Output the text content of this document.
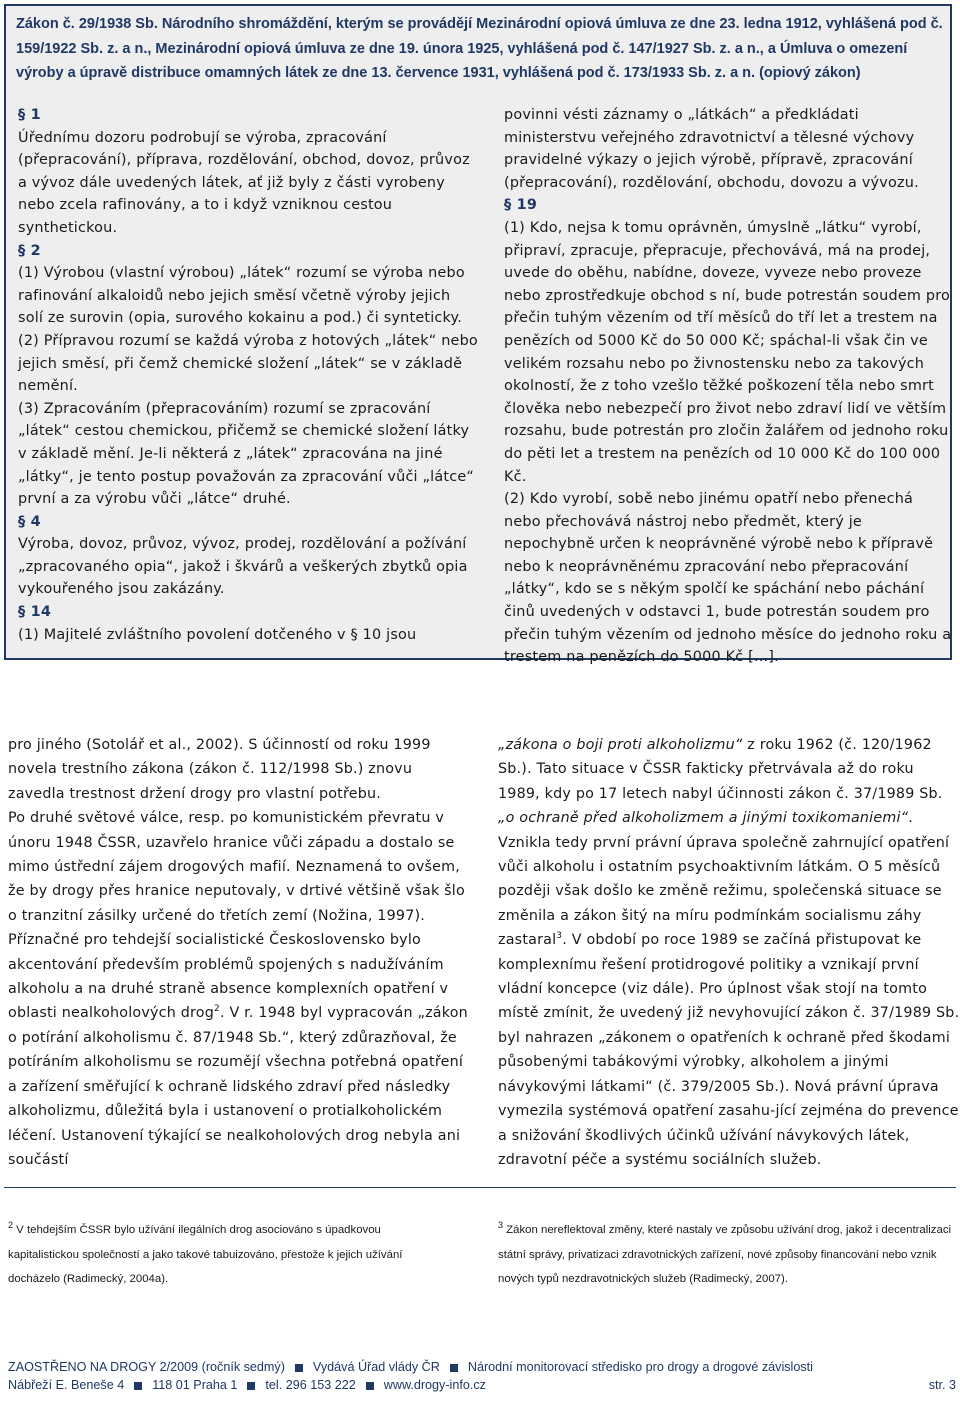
Zákon č. 29/1938 Sb. Národního shromáždění, kterým se provádějí Mezinárodní opiová úmluva ze dne 23. ledna 1912, vyhlášená pod č. 159/1922 Sb. z. a n., Mezinárodní opiová úmluva ze dne 19. února 1925, vyhlášená pod č. 147/1927 Sb. z. a n., a Úmluva o omezení výroby a úpravě distribuce omamných látek ze dne 13. července 1931, vyhlášená pod č. 173/1933 Sb. z. a n. (opiový zákon)

§ 1

Úřednímu dozoru podrobují se výroba, zpracování (přepracování), příprava, rozdělování, obchod, dovoz, průvoz a vývoz dále uvedených látek, ať již byly z části vyrobeny nebo zcela rafinovány, a to i když vzniknou cestou synthetickou.

§ 2

(1) Výrobou (vlastní výrobou) „látek“ rozumí se výroba nebo rafinování alkaloidů nebo jejich směsí včetně výroby jejich solí ze surovin (opia, surového kokainu a pod.) či synteticky.

(2) Přípravou rozumí se každá výroba z hotových „látek“ nebo jejich směsí, při čemž chemické složení „látek“ se v základě nemění.

(3) Zpracováním (přepracováním) rozumí se zpracování „látek“ cestou chemickou, přičemž se chemické složení látky v základě mění. Je-li některá z „látek“ zpracována na jiné „látky“, je tento postup považován za zpracování vůči „látce“ první a za výrobu vůči „látce“ druhé.

§ 4

Výroba, dovoz, průvoz, vývoz, prodej, rozdělování a požívání „zpracovaného opia“, jakož i škvárů a veškerých zbytků opia vykouřeného jsou zakázány.

§ 14

(1) Majitelé zvláštního povolení dotčeného v § 10 jsou

povinni vésti záznamy o „látkách“ a předkládati ministerstvu veřejného zdravotnictví a tělesné výchovy pravidelné výkazy o jejich výrobě, přípravě, zpracování (přepracování), rozdělování, obchodu, dovozu a vývozu.

§ 19

(1) Kdo, nejsa k tomu oprávněn, úmyslně „látku“ vyrobí, připraví, zpracuje, přepracuje, přechovává, má na prodej, uvede do oběhu, nabídne, doveze, vyveze nebo proveze nebo zprostředkuje obchod s ní, bude potrestán soudem pro přečin tuhým vězením od tří měsíců do tří let a trestem na penězích od 5000 Kč do 50 000 Kč; spáchal-li však čin ve velikém rozsahu nebo po živnostensku nebo za takových okolností, že z toho vzešlo těžké poškození těla nebo smrt člověka nebo nebezpečí pro život nebo zdraví lidí ve větším rozsahu, bude potrestán pro zločin žalářem od jednoho roku do pěti let a trestem na penězích od 10 000 Kč do 100 000 Kč.

(2) Kdo vyrobí, sobě nebo jinému opatří nebo přenechá nebo přechovává nástroj nebo předmět, který je nepochybně určen k neoprávněné výrobě nebo k přípravě nebo k neoprávněnému zpracování nebo přepracování „látky“, kdo se s někým spolčí ke spáchání nebo páchání činů uvedených v odstavci 1, bude potrestán soudem pro přečin tuhým vězením od jednoho měsíce do jednoho roku a trestem na penězích do 5000 Kč [...].

pro jiného (Sotolář et al., 2002). S účinností od roku 1999 novela trestního zákona (zákon č. 112/1998 Sb.) znovu zavedla trestnost držení drogy pro vlastní potřebu.

Po druhé světové válce, resp. po komunistickém převratu v únoru 1948 ČSSR, uzavřelo hranice vůči západu a dostalo se mimo ústřední zájem drogových mafií. Neznamená to ovšem, že by drogy přes hranice neputovaly, v drtivé většině však šlo o tranzitní zásilky určené do třetích zemí (Nožina, 1997). Příznačné pro tehdejší socialistické Československo bylo akcentování především problémů spojených s nadužíváním alkoholu a na druhé straně absence komplexních opatření v oblasti nealkoholových drog$^2$. V r. 1948 byl vypracován „zákon o potírání alkoholismu č. 87/1948 Sb.“, který zdůrazňoval, že potíráním alkoholismu se rozumějí všechna potřebná opatření a zařízení směřující k ochraně lidského zdraví před následky alkoholizmu, důležitá byla i ustanovení o protialkoholickém léčení. Ustanovení týkající se nealkoholových drog nebyla ani součástí

„zákona o boji proti alkoholizmu“ z roku 1962 (č. 120/1962 Sb.). Tato situace v ČSSR fakticky přetrvávala až do roku 1989, kdy po 17 letech nabyl účinnosti zákon č. 37/1989 Sb. „o ochraně před alkoholizmem a jinými toxikomaniemi“. Vznikla tedy první právní úprava společně zahrnující opatření vůči alkoholu i ostatním psychoaktivním látkám. O 5 měsíců později však došlo ke změně režimu, společenská situace se změnila a zákon šitý na míru podmínkám socialismu záhy zastaral$^3$. V období po roce 1989 se začíná přistupovat ke komplexnímu řešení protidrogové politiky a vznikají první vládní koncepce (viz dále). Pro úplnost však stojí na tomto místě zmínit, že uvedený již nevyhovující zákon č. 37/1989 Sb. byl nahrazen „zákonem o opatřeních k ochraně před škodami působenými tabákovými výrobky, alkoholem a jinými návykovými látkami“ (č. 379/2005 Sb.). Nová právní úprava vymezila systémová opatření zasahu-jící zejména do prevence a snižování škodlivých účinků užívání návykových látek, zdravotní péče a systému sociálních služeb.

$^2$ V tehdejším ČSSR bylo užívání ilegálních drog asociováno s úpadkovou kapitalistickou společností a jako takové tabuizováno, přestože k jejich užívání docházelo (Radimecký, 2004a).

$^3$ Zákon nereflektoval změny, které nastaly ve způsobu užívání drog, jakož i decentralizaci státní správy, privatizaci zdravotnických zařízení, nové způsoby financování nebo vznik nových typů nezdravotnických služeb (Radimecký, 2007).

ZAOSTŘENO NA DROGY 2/2009 (ročník sedmý) Vydává Úřad vlády ČR Národní monitorovací středisko pro drogy a drogové závislosti
Nábřeží E. Beneše 4 118 01 Praha 1 tel. 296 153 222 www.drogy-info.cz	str. 3
